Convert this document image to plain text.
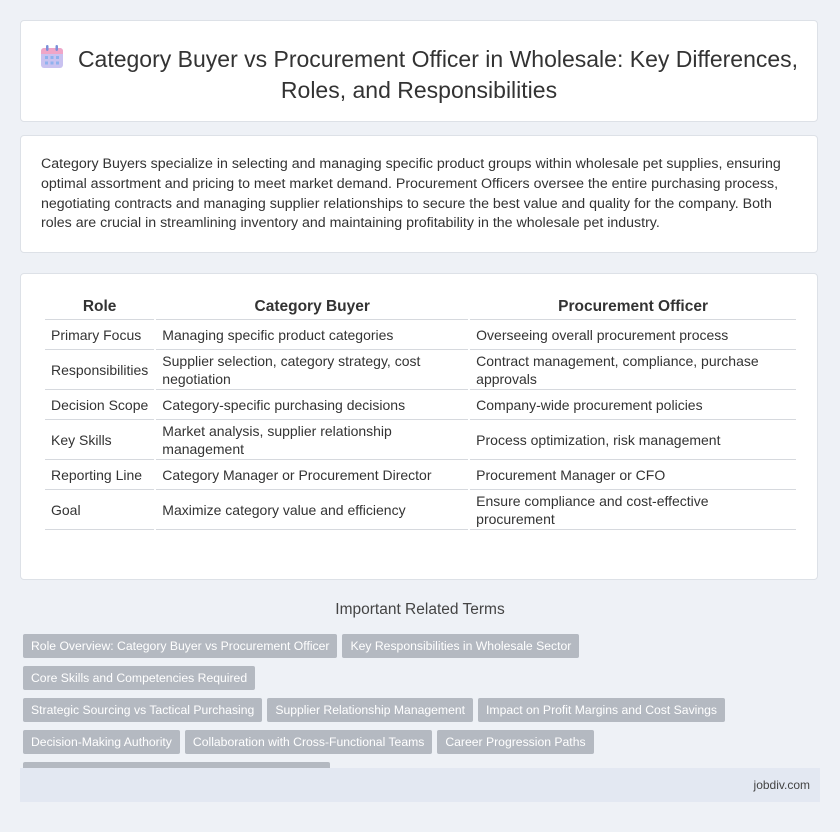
Category Buyer vs Procurement Officer in Wholesale: Key Differences, Roles, and Responsibilities
Category Buyers specialize in selecting and managing specific product groups within wholesale pet supplies, ensuring optimal assortment and pricing to meet market demand. Procurement Officers oversee the entire purchasing process, negotiating contracts and managing supplier relationships to secure the best value and quality for the company. Both roles are crucial in streamlining inventory and maintaining profitability in the wholesale pet industry.
Role	Category Buyer	Procurement Officer
Primary Focus	Managing specific product categories	Overseeing overall procurement process
Responsibilities	Supplier selection, category strategy, cost negotiation	Contract management, compliance, purchase approvals
Decision Scope	Category-specific purchasing decisions	Company-wide procurement policies
Key Skills	Market analysis, supplier relationship management	Process optimization, risk management
Reporting Line	Category Manager or Procurement Director	Procurement Manager or CFO
Goal	Maximize category value and efficiency	Ensure compliance and cost-effective procurement
Important Related Terms
Role Overview: Category Buyer vs Procurement Officer Key Responsibilities in Wholesale SectorCore Skills and Competencies Required
Strategic Sourcing vs Tactical Purchasing Supplier Relationship Management Impact on Profit Margins and Cost Savings
Decision-Making Authority Collaboration with Cross-Functional Teams Career Progression Paths

jobdiv.com
